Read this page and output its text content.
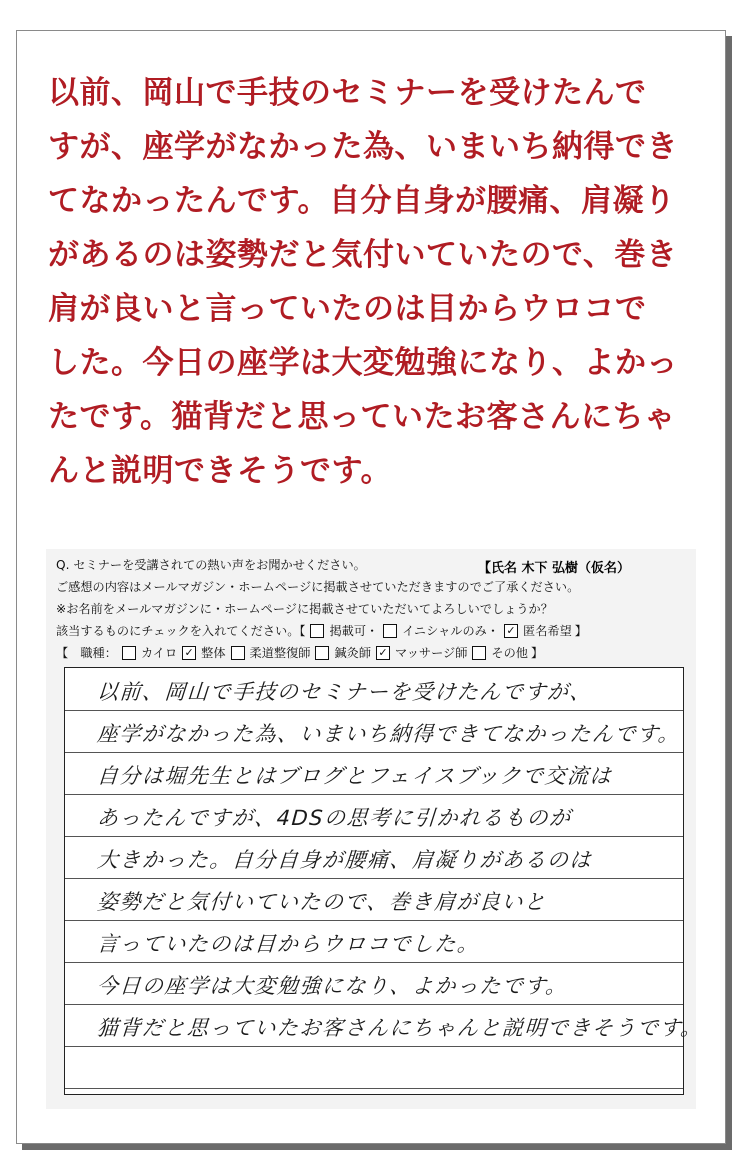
以前、岡山で手技のセミナーを受けたんで
すが、座学がなかった為、いまいち納得でき
てなかったんです。自分自身が腰痛、肩凝り
があるのは姿勢だと気付いていたので、巻き
肩が良いと言っていたのは目からウロコで
した。今日の座学は大変勉強になり、よかっ
たです。猫背だと思っていたお客さんにちゃ
んと説明できそうです。
Q. セミナーを受講されての熱い声をお聞かせください。	【氏名 木下 弘樹（仮名）
ご感想の内容はメールマガジン・ホームページに掲載させていただきますのでご了承ください。
※お名前をメールマガジンに・ホームページに掲載させていただいてよろしいでしょうか？
該当するものにチェックを入れてください。【 掲載可・ イニシャルのみ・ ✓ 匿名希望 】
【　職種： カイロ ✓ 整体 柔道整復師 鍼灸師 ✓ マッサージ師 その他 】
以前、岡山で手技のセミナーを受けたんですが、
座学がなかった為、いまいち納得できてなかったんです。
自分は堀先生とはブログとフェイスブックで交流は
あったんですが、4DSの思考に引かれるものが
大きかった。自分自身が腰痛、肩凝りがあるのは
姿勢だと気付いていたので、巻き肩が良いと
言っていたのは目からウロコでした。
今日の座学は大変勉強になり、よかったです。
猫背だと思っていたお客さんにちゃんと説明できそうです。
